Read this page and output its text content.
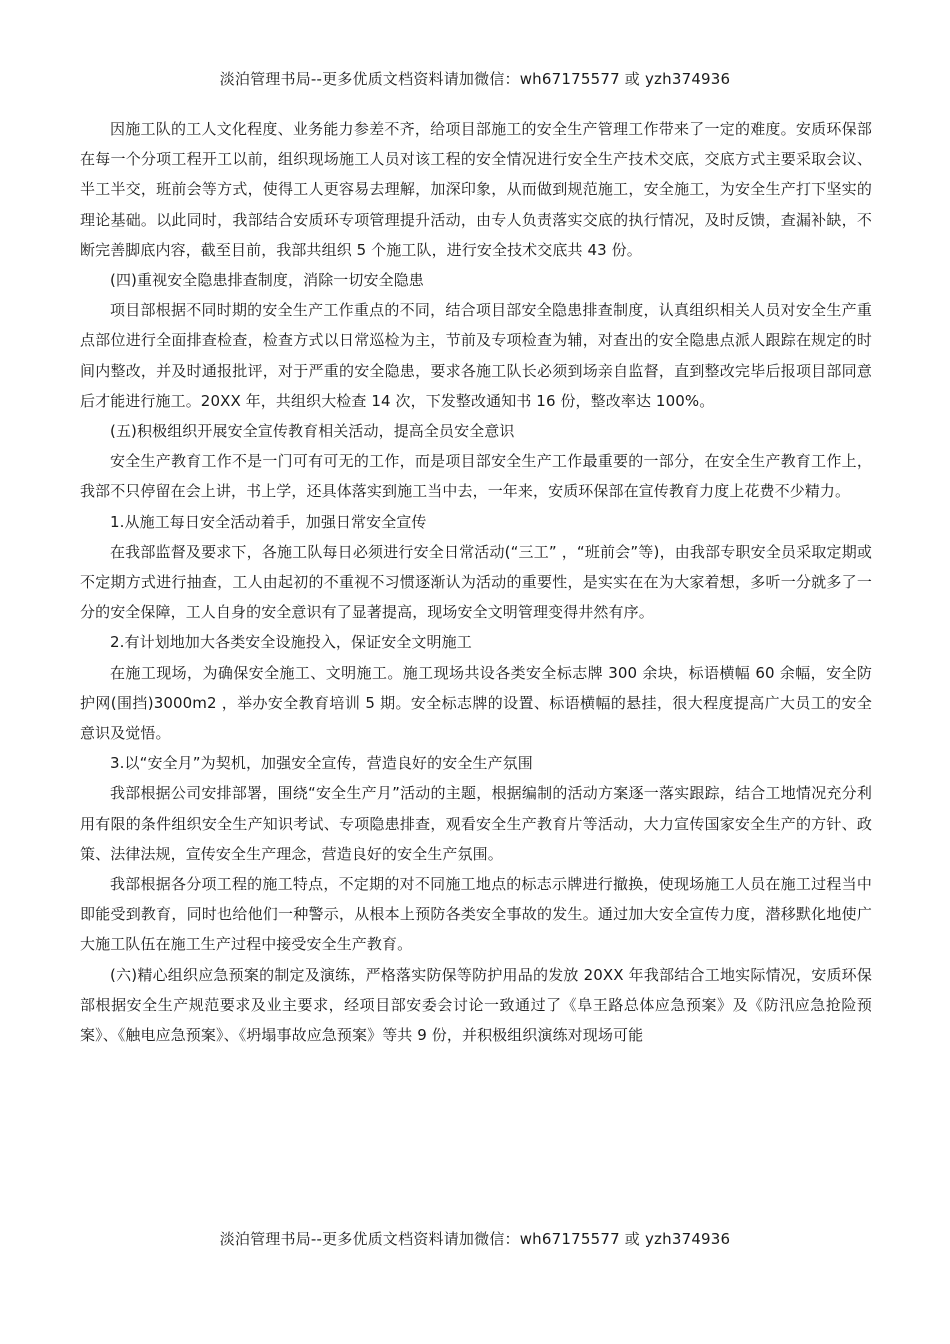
淡泊管理书局--更多优质文档资料请加微信：wh67175577 或 yzh374936

因施工队的工人文化程度、业务能力参差不齐，给项目部施工的安全生产管理工作带来了一定的难度。安质环保部在每一个分项工程开工以前，组织现场施工人员对该工程的安全情况进行安全生产技术交底，交底方式主要采取会议、半工半交，班前会等方式，使得工人更容易去理解，加深印象，从而做到规范施工，安全施工，为安全生产打下坚实的理论基础。以此同时，我部结合安质环专项管理提升活动，由专人负责落实交底的执行情况，及时反馈，查漏补缺，不断完善脚底内容，截至目前，我部共组织 5 个施工队，进行安全技术交底共 43 份。

(四)重视安全隐患排查制度，消除一切安全隐患

项目部根据不同时期的安全生产工作重点的不同，结合项目部安全隐患排查制度，认真组织相关人员对安全生产重点部位进行全面排查检查，检查方式以日常巡检为主，节前及专项检查为辅，对查出的安全隐患点派人跟踪在规定的时间内整改，并及时通报批评，对于严重的安全隐患，要求各施工队长必须到场亲自监督，直到整改完毕后报项目部同意后才能进行施工。20XX 年，共组织大检查 14 次，下发整改通知书 16 份，整改率达 100%。

(五)积极组织开展安全宣传教育相关活动，提高全员安全意识

安全生产教育工作不是一门可有可无的工作，而是项目部安全生产工作最重要的一部分，在安全生产教育工作上，我部不只停留在会上讲，书上学，还具体落实到施工当中去，一年来，安质环保部在宣传教育力度上花费不少精力。

1.从施工每日安全活动着手，加强日常安全宣传

在我部监督及要求下，各施工队每日必须进行安全日常活动(“三工” ，“班前会”等)，由我部专职安全员采取定期或不定期方式进行抽查，工人由起初的不重视不习惯逐渐认为活动的重要性，是实实在在为大家着想，多听一分就多了一分的安全保障，工人自身的安全意识有了显著提高，现场安全文明管理变得井然有序。

2.有计划地加大各类安全设施投入，保证安全文明施工

在施工现场，为确保安全施工、文明施工。施工现场共设各类安全标志牌 300 余块，标语横幅 60 余幅，安全防护网(围挡)3000m2 ，举办安全教育培训 5 期。安全标志牌的设置、标语横幅的悬挂，很大程度提高广大员工的安全意识及觉悟。

3.以“安全月”为契机，加强安全宣传，营造良好的安全生产氛围

我部根据公司安排部署，围绕“安全生产月”活动的主题，根据编制的活动方案逐一落实跟踪，结合工地情况充分利用有限的条件组织安全生产知识考试、专项隐患排查，观看安全生产教育片等活动，大力宣传国家安全生产的方针、政策、法律法规，宣传安全生产理念，营造良好的安全生产氛围。

我部根据各分项工程的施工特点，不定期的对不同施工地点的标志示牌进行撤换，使现场施工人员在施工过程当中即能受到教育，同时也给他们一种警示，从根本上预防各类安全事故的发生。通过加大安全宣传力度，潜移默化地使广大施工队伍在施工生产过程中接受安全生产教育。

(六)精心组织应急预案的制定及演练，严格落实防保等防护用品的发放 20XX 年我部结合工地实际情况，安质环保部根据安全生产规范要求及业主要求，经项目部安委会讨论一致通过了《阜王路总体应急预案》及《防汛应急抢险预案》、《触电应急预案》、《坍塌事故应急预案》等共 9 份，并积极组织演练对现场可能

淡泊管理书局--更多优质文档资料请加微信：wh67175577 或 yzh374936
